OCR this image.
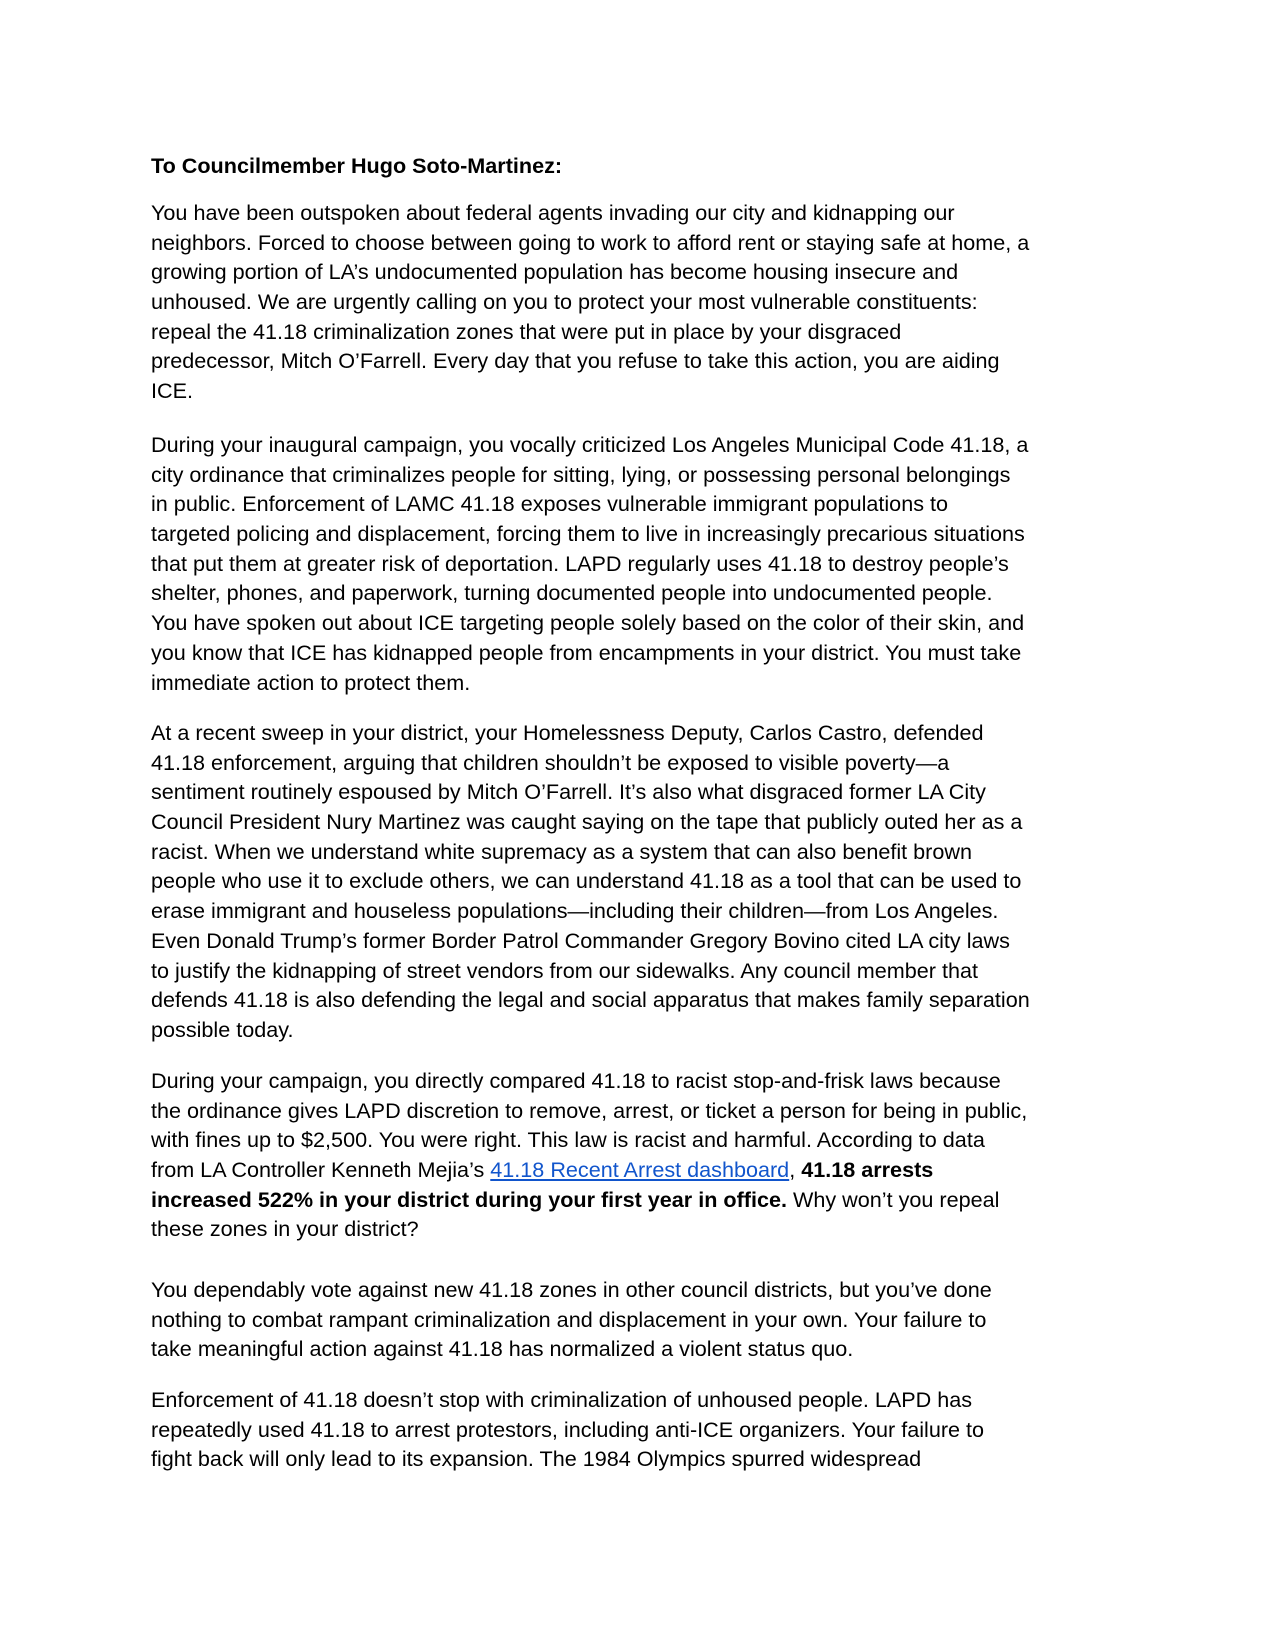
To Councilmember Hugo Soto-Martinez:
You have been outspoken about federal agents invading our city and kidnapping our
neighbors. Forced to choose between going to work to afford rent or staying safe at home, a
growing portion of LA’s undocumented population has become housing insecure and
unhoused. We are urgently calling on you to protect your most vulnerable constituents:
repeal the 41.18 criminalization zones that were put in place by your disgraced
predecessor, Mitch O’Farrell. Every day that you refuse to take this action, you are aiding
ICE.
During your inaugural campaign, you vocally criticized Los Angeles Municipal Code 41.18, a
city ordinance that criminalizes people for sitting, lying, or possessing personal belongings
in public. Enforcement of LAMC 41.18 exposes vulnerable immigrant populations to
targeted policing and displacement, forcing them to live in increasingly precarious situations
that put them at greater risk of deportation. LAPD regularly uses 41.18 to destroy people’s
shelter, phones, and paperwork, turning documented people into undocumented people.
You have spoken out about ICE targeting people solely based on the color of their skin, and
you know that ICE has kidnapped people from encampments in your district. You must take
immediate action to protect them.
At a recent sweep in your district, your Homelessness Deputy, Carlos Castro, defended
41.18 enforcement, arguing that children shouldn’t be exposed to visible poverty—a
sentiment routinely espoused by Mitch O’Farrell. It’s also what disgraced former LA City
Council President Nury Martinez was caught saying on the tape that publicly outed her as a
racist. When we understand white supremacy as a system that can also benefit brown
people who use it to exclude others, we can understand 41.18 as a tool that can be used to
erase immigrant and houseless populations—including their children—from Los Angeles.
Even Donald Trump’s former Border Patrol Commander Gregory Bovino cited LA city laws
to justify the kidnapping of street vendors from our sidewalks. Any council member that
defends 41.18 is also defending the legal and social apparatus that makes family separation
possible today.
During your campaign, you directly compared 41.18 to racist stop-and-frisk laws because
the ordinance gives LAPD discretion to remove, arrest, or ticket a person for being in public,
with fines up to $2,500. You were right. This law is racist and harmful. According to data
from LA Controller Kenneth Mejia’s 41.18 Recent Arrest dashboard, 41.18 arrests
increased 522% in your district during your first year in office. Why won’t you repeal
these zones in your district?
You dependably vote against new 41.18 zones in other council districts, but you’ve done
nothing to combat rampant criminalization and displacement in your own. Your failure to
take meaningful action against 41.18 has normalized a violent status quo.
Enforcement of 41.18 doesn’t stop with criminalization of unhoused people. LAPD has
repeatedly used 41.18 to arrest protestors, including anti-ICE organizers. Your failure to
fight back will only lead to its expansion. The 1984 Olympics spurred widespread
